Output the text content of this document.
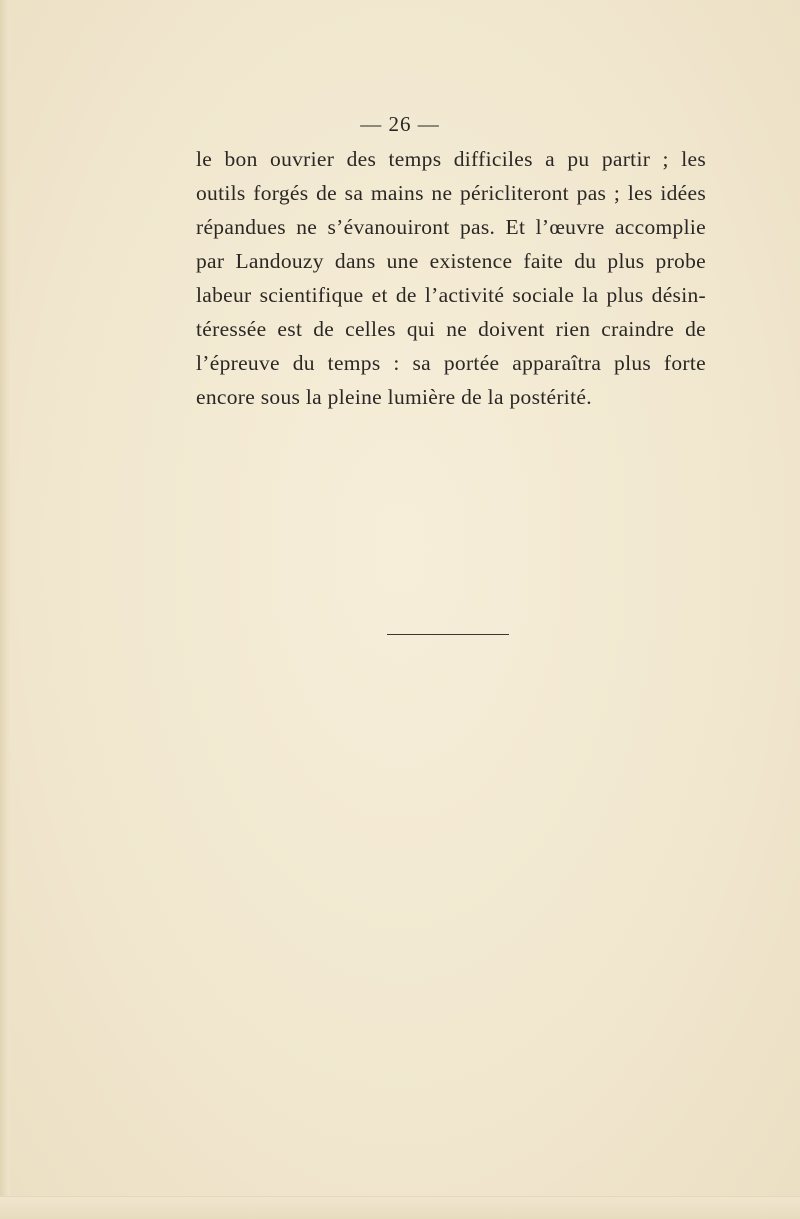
— 26 —
le bon ouvrier des temps difficiles a pu partir ; les
outils forgés de sa mains ne péricliteront pas ; les idées
répandues ne s’évanouiront pas. Et l’œuvre accomplie
par Landouzy dans une existence faite du plus probe
labeur scientifique et de l’activité sociale la plus désin-
téressée est de celles qui ne doivent rien craindre de
l’épreuve du temps : sa portée apparaîtra plus forte
encore sous la pleine lumière de la postérité.
